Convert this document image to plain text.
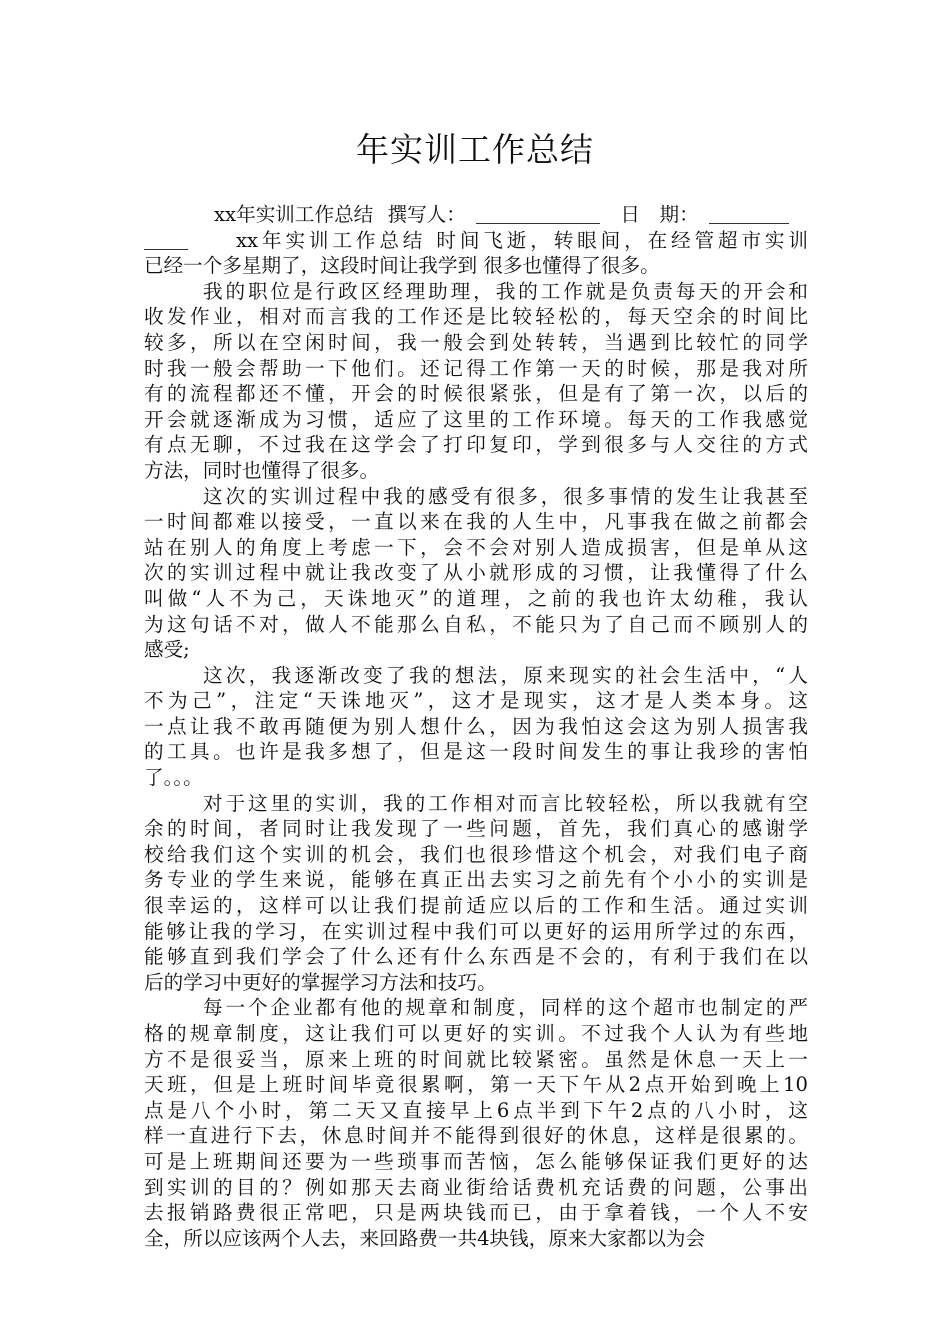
年实训工作总结
xx年实训工作总结 撰写人：	日　期：
xx年实训工作总结 时间飞逝，转眼间，在经管超市实训
已经一个多星期了，这段时间让我学到 很多也懂得了很多。
我的职位是行政区经理助理，我的工作就是负责每天的开会和
收发作业，相对而言我的工作还是比较轻松的，每天空余的时间比
较多，所以在空闲时间，我一般会到处转转，当遇到比较忙的同学
时我一般会帮助一下他们。还记得工作第一天的时候，那是我对所
有的流程都还不懂，开会的时候很紧张，但是有了第一次，以后的
开会就逐渐成为习惯，适应了这里的工作环境。每天的工作我感觉
有点无聊，不过我在这学会了打印复印，学到很多与人交往的方式
方法，同时也懂得了很多。
这次的实训过程中我的感受有很多，很多事情的发生让我甚至
一时间都难以接受，一直以来在我的人生中，凡事我在做之前都会
站在别人的角度上考虑一下，会不会对别人造成损害，但是单从这
次的实训过程中就让我改变了从小就形成的习惯，让我懂得了什么
叫做“人不为己，天诛地灭”的道理，之前的我也许太幼稚，我认
为这句话不对，做人不能那么自私，不能只为了自己而不顾别人的
感受;
这次，我逐渐改变了我的想法，原来现实的社会生活中，“人
不为己”，注定“天诛地灭”，这才是现实，这才是人类本身。这
一点让我不敢再随便为别人想什么，因为我怕这会这为别人损害我
的工具。也许是我多想了，但是这一段时间发生的事让我珍的害怕
了。。。
对于这里的实训，我的工作相对而言比较轻松，所以我就有空
余的时间，者同时让我发现了一些问题，首先，我们真心的感谢学
校给我们这个实训的机会，我们也很珍惜这个机会，对我们电子商
务专业的学生来说，能够在真正出去实习之前先有个小小的实训是
很幸运的，这样可以让我们提前适应以后的工作和生活。通过实训
能够让我的学习，在实训过程中我们可以更好的运用所学过的东西，
能够直到我们学会了什么还有什么东西是不会的，有利于我们在以
后的学习中更好的掌握学习方法和技巧。
每一个企业都有他的规章和制度，同样的这个超市也制定的严
格的规章制度，这让我们可以更好的实训。不过我个人认为有些地
方不是很妥当，原来上班的时间就比较紧密。虽然是休息一天上一
天班，但是上班时间毕竟很累啊，第一天下午从2点开始到晚上10
点是八个小时，第二天又直接早上6点半到下午2点的八小时，这
样一直进行下去，休息时间并不能得到很好的休息，这样是很累的。
可是上班期间还要为一些琐事而苦恼，怎么能够保证我们更好的达
到实训的目的？例如那天去商业街给话费机充话费的问题，公事出
去报销路费很正常吧，只是两块钱而已，由于拿着钱，一个人不安
全，所以应该两个人去，来回路费一共4块钱，原来大家都以为会
